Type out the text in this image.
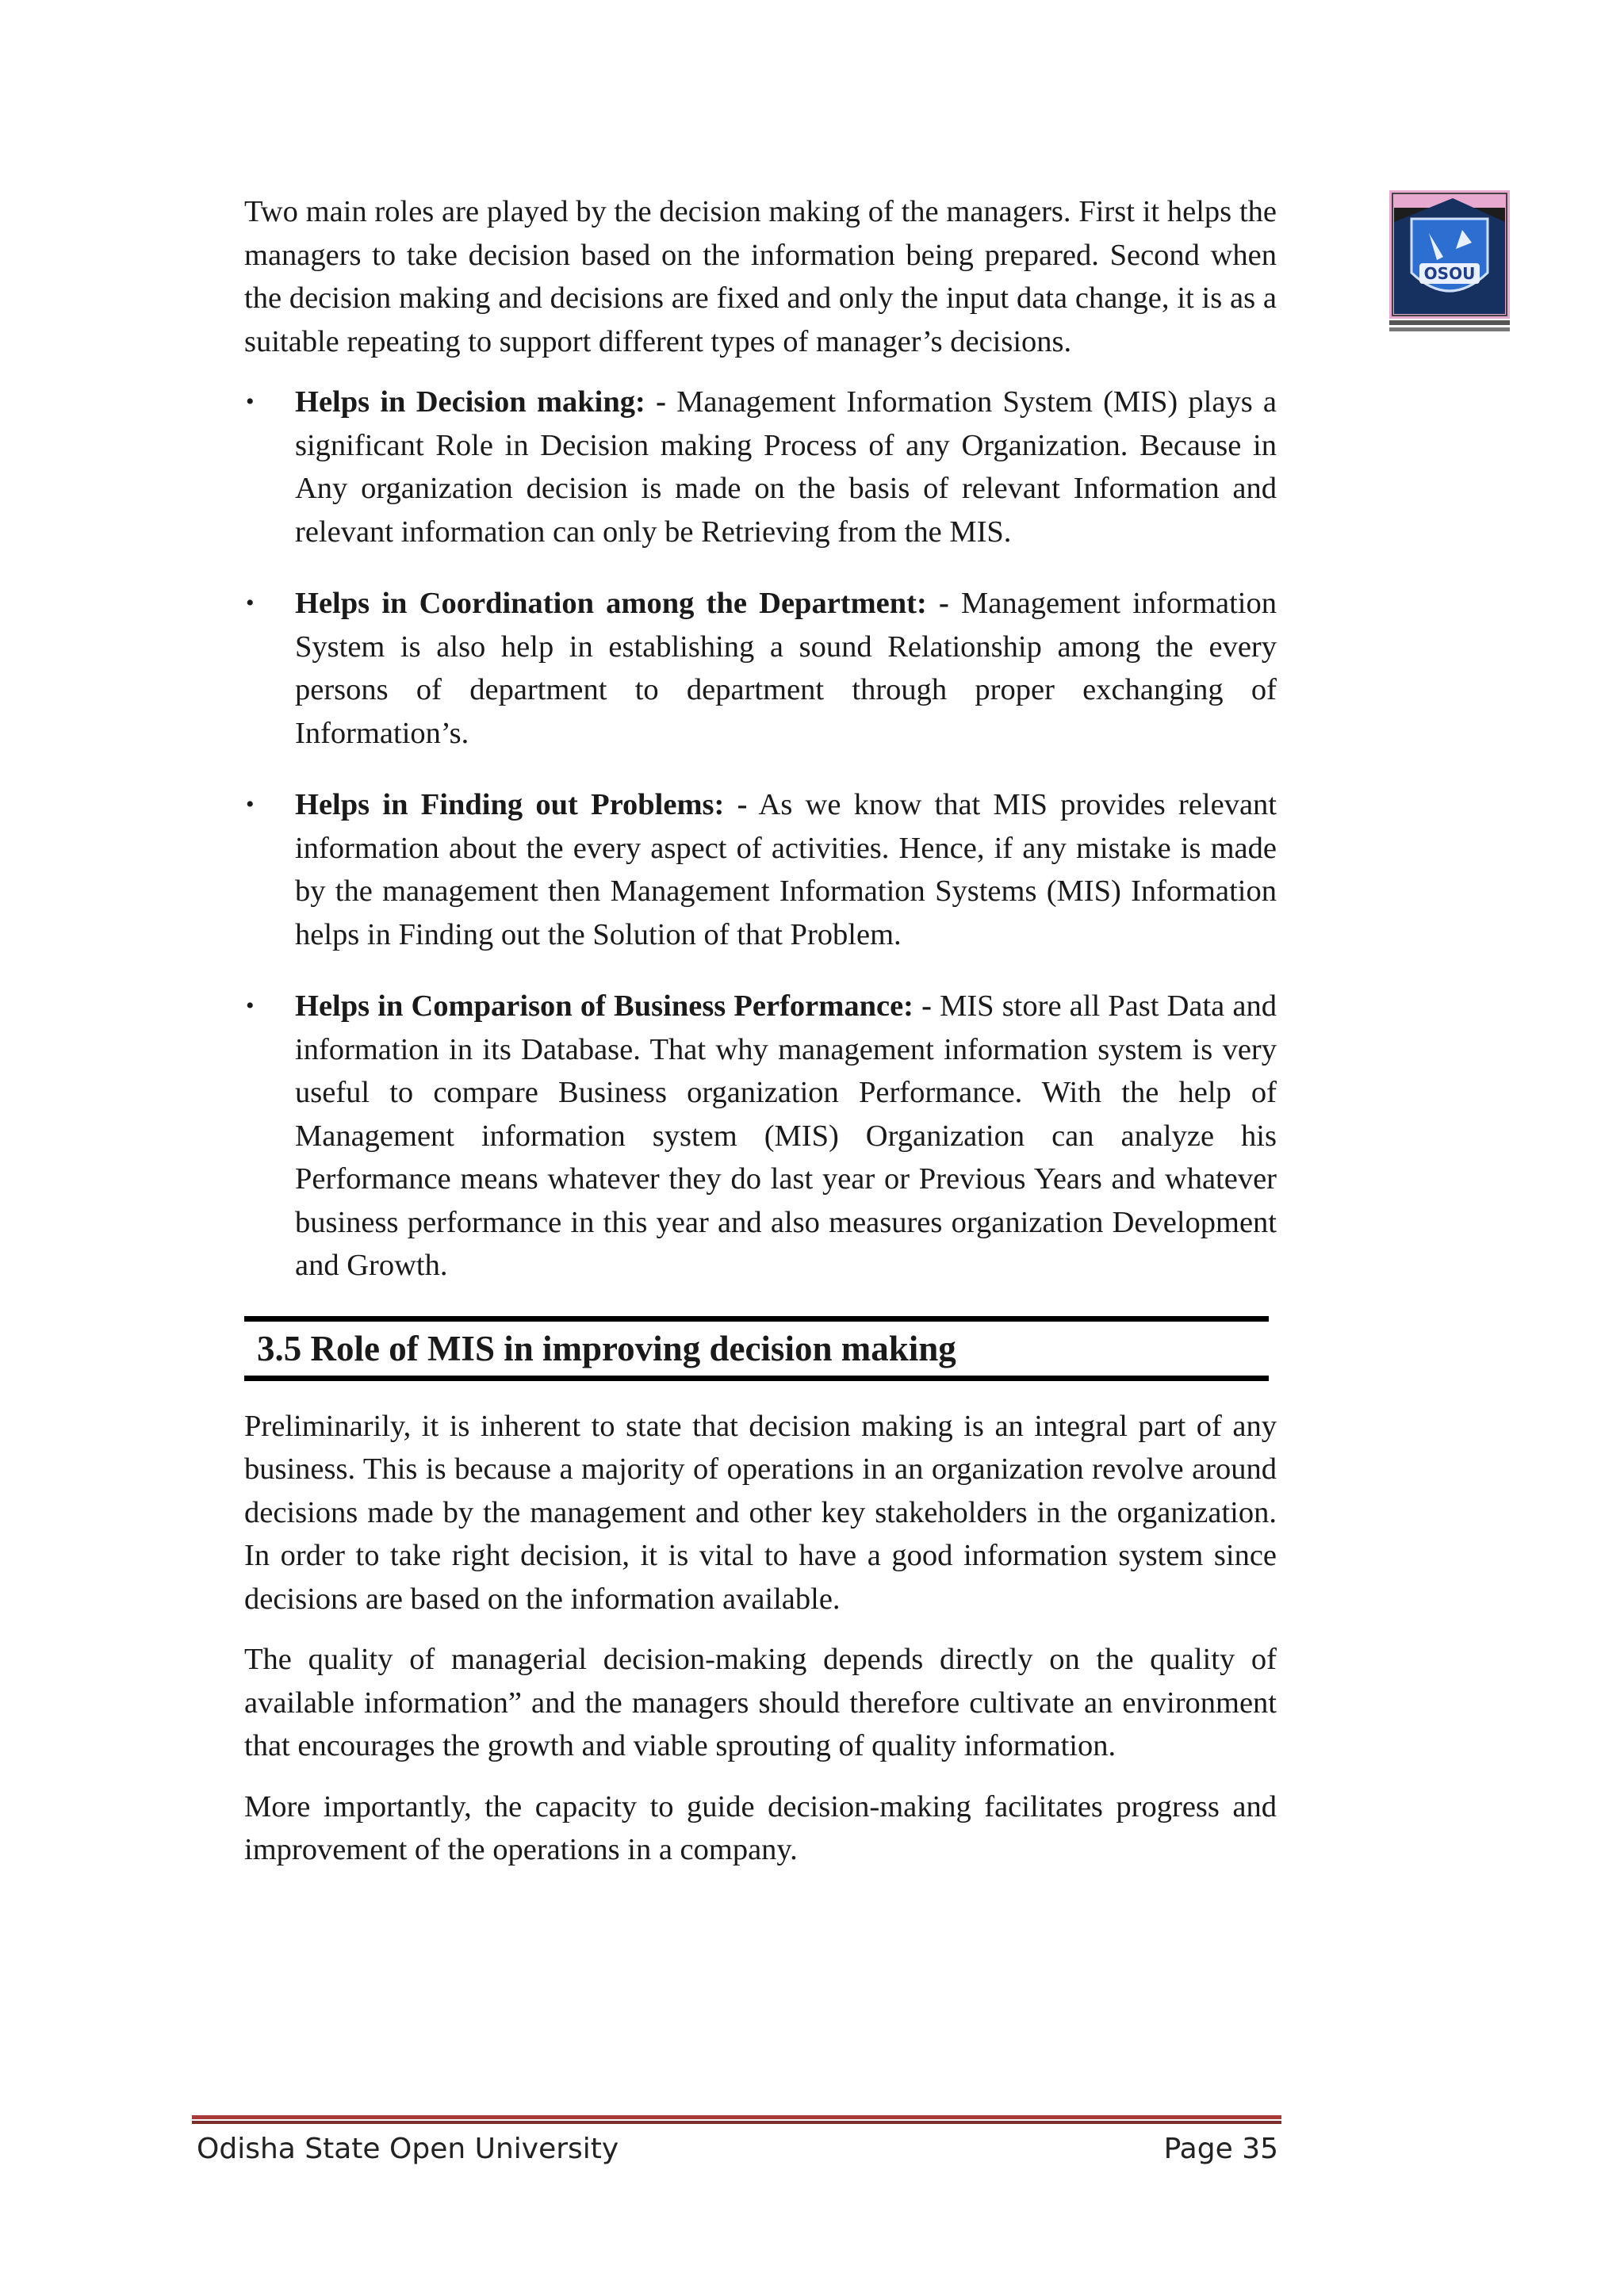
OSOU

Two main roles are played by the decision making of the managers. First it helps the managers to take decision based on the information being prepared. Second when the decision making and decisions are fixed and only the input data change, it is as a suitable repeating to support different types of manager’s decisions.

• Helps in Decision making: - Management Information System (MIS) plays a significant Role in Decision making Process of any Organization. Because in Any organization decision is made on the basis of relevant Information and relevant information can only be Retrieving from the MIS.
• Helps in Coordination among the Department: - Management information System is also help in establishing a sound Relationship among the every persons of department to department through proper exchanging of Information’s.
• Helps in Finding out Problems: - As we know that MIS provides relevant information about the every aspect of activities. Hence, if any mistake is made by the management then Management Information Systems (MIS) Information helps in Finding out the Solution of that Problem.
• Helps in Comparison of Business Performance: - MIS store all Past Data and information in its Database. That why management information system is very useful to compare Business organization Performance. With the help of Management information system (MIS) Organization can analyze his Performance means whatever they do last year or Previous Years and whatever business performance in this year and also measures organization Development and Growth.
3.5 Role of MIS in improving decision making

Preliminarily, it is inherent to state that decision making is an integral part of any business. This is because a majority of operations in an organization revolve around decisions made by the management and other key stakeholders in the organization. In order to take right decision, it is vital to have a good information system since decisions are based on the information available.

The quality of managerial decision-making depends directly on the quality of available information” and the managers should therefore cultivate an environment that encourages the growth and viable sprouting of quality information.

More importantly, the capacity to guide decision-making facilitates progress and improvement of the operations in a company.

Odisha State Open University	Page 35
